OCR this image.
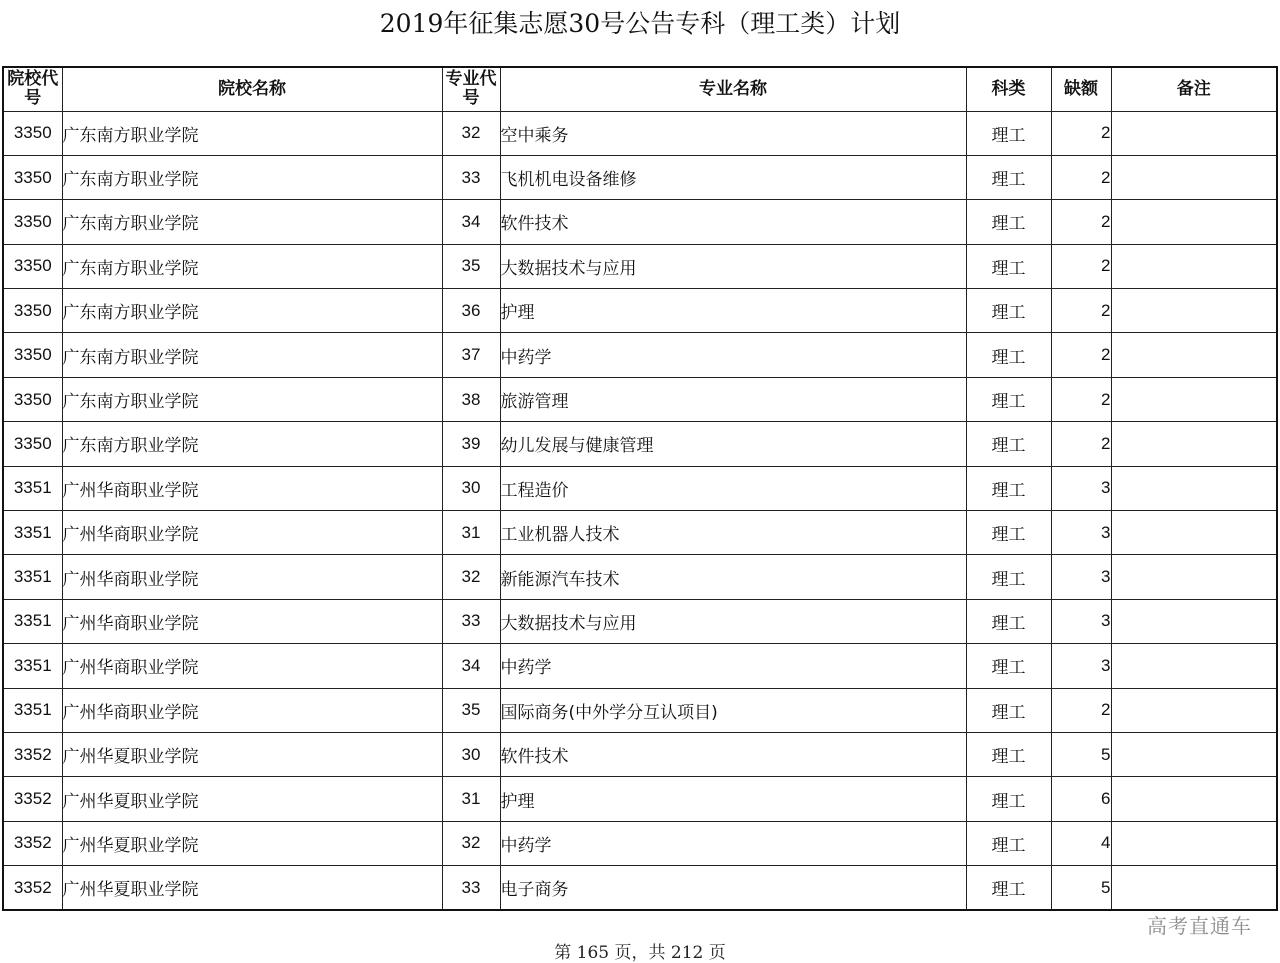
2019年征集志愿30号公告专科（理工类）计划
院校代号	院校名称	专业代号	专业名称	科类	缺额	备注
3350	广东南方职业学院	32	空中乘务	理工	2	
3350	广东南方职业学院	33	飞机机电设备维修	理工	2	
3350	广东南方职业学院	34	软件技术	理工	2	
3350	广东南方职业学院	35	大数据技术与应用	理工	2	
3350	广东南方职业学院	36	护理	理工	2	
3350	广东南方职业学院	37	中药学	理工	2	
3350	广东南方职业学院	38	旅游管理	理工	2	
3350	广东南方职业学院	39	幼儿发展与健康管理	理工	2	
3351	广州华商职业学院	30	工程造价	理工	3	
3351	广州华商职业学院	31	工业机器人技术	理工	3	
3351	广州华商职业学院	32	新能源汽车技术	理工	3	
3351	广州华商职业学院	33	大数据技术与应用	理工	3	
3351	广州华商职业学院	34	中药学	理工	3	
3351	广州华商职业学院	35	国际商务(中外学分互认项目)	理工	2	
3352	广州华夏职业学院	30	软件技术	理工	5	
3352	广州华夏职业学院	31	护理	理工	6	
3352	广州华夏职业学院	32	中药学	理工	4	
3352	广州华夏职业学院	33	电子商务	理工	5	
高考直通车
第 165 页，共 212 页
